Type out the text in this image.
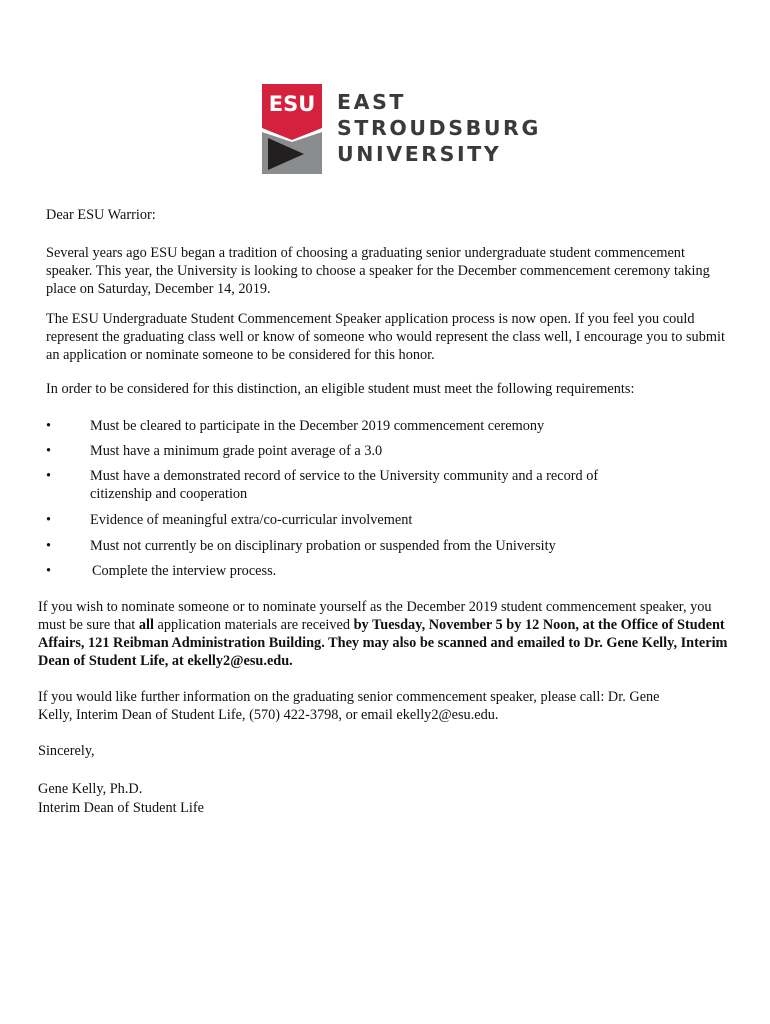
ESU EAST
STROUDSBURG
UNIVERSITY

Dear ESU Warrior:

Several years ago ESU began a tradition of choosing a graduating senior undergraduate student commencement speaker. This year, the University is looking to choose a speaker for the December commencement ceremony taking place on Saturday, December 14, 2019.

The ESU Undergraduate Student Commencement Speaker application process is now open. If you feel you could represent the graduating class well or know of someone who would represent the class well, I encourage you to submit an application or nominate someone to be considered for this honor.

In order to be considered for this distinction, an eligible student must meet the following requirements:

•	Must be cleared to participate in the December 2019 commencement ceremony
•	Must have a minimum grade point average of a 3.0
•	Must have a demonstrated record of service to the University community and a record of citizenship and cooperation
•	Evidence of meaningful extra/co-curricular involvement
•	Must not currently be on disciplinary probation or suspended from the University
•	Complete the interview process.

If you wish to nominate someone or to nominate yourself as the December 2019 student commencement speaker, you must be sure that all application materials are received by Tuesday, November 5 by 12 Noon, at the Office of Student Affairs, 121 Reibman Administration Building. They may also be scanned and emailed to Dr. Gene Kelly, Interim Dean of Student Life, at ekelly2@esu.edu.

If you would like further information on the graduating senior commencement speaker, please call: Dr. Gene Kelly, Interim Dean of Student Life, (570) 422-3798, or email ekelly2@esu.edu.

Sincerely,

Gene Kelly, Ph.D.

Interim Dean of Student Life
